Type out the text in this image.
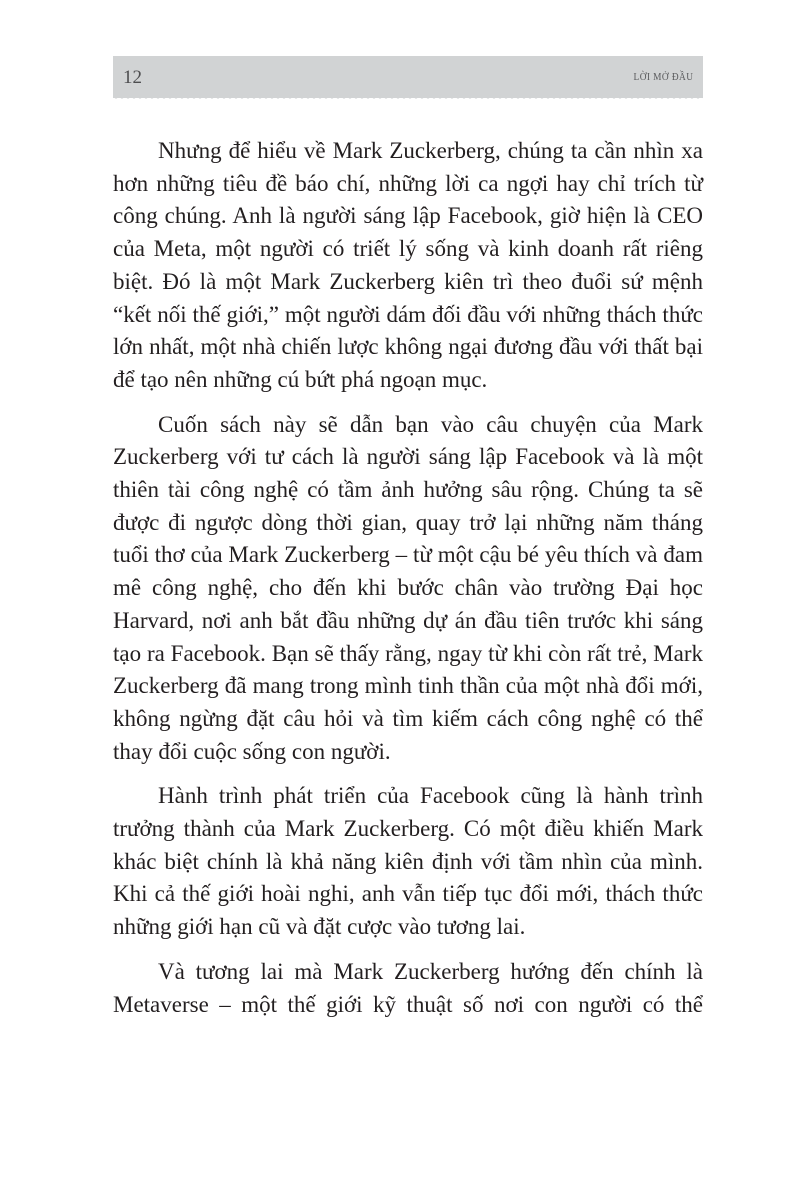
12	LỜI MỞ ĐẦU

Nhưng để hiểu về Mark Zuckerberg, chúng ta cần nhìn xa hơn những tiêu đề báo chí, những lời ca ngợi hay chỉ trích từ công chúng. Anh là người sáng lập Facebook, giờ hiện là CEO của Meta, một người có triết lý sống và kinh doanh rất riêng biệt. Đó là một Mark Zuckerberg kiên trì theo đuổi sứ mệnh “kết nối thế giới,” một người dám đối đầu với những thách thức lớn nhất, một nhà chiến lược không ngại đương đầu với thất bại để tạo nên những cú bứt phá ngoạn mục.

Cuốn sách này sẽ dẫn bạn vào câu chuyện của Mark Zuckerberg với tư cách là người sáng lập Facebook và là một thiên tài công nghệ có tầm ảnh hưởng sâu rộng. Chúng ta sẽ được đi ngược dòng thời gian, quay trở lại những năm tháng tuổi thơ của Mark Zuckerberg – từ một cậu bé yêu thích và đam mê công nghệ, cho đến khi bước chân vào trường Đại học Harvard, nơi anh bắt đầu những dự án đầu tiên trước khi sáng tạo ra Facebook. Bạn sẽ thấy rằng, ngay từ khi còn rất trẻ, Mark Zuckerberg đã mang trong mình tinh thần của một nhà đổi mới, không ngừng đặt câu hỏi và tìm kiếm cách công nghệ có thể thay đổi cuộc sống con người.

Hành trình phát triển của Facebook cũng là hành trình trưởng thành của Mark Zuckerberg. Có một điều khiến Mark khác biệt chính là khả năng kiên định với tầm nhìn của mình. Khi cả thế giới hoài nghi, anh vẫn tiếp tục đổi mới, thách thức những giới hạn cũ và đặt cược vào tương lai.

Và tương lai mà Mark Zuckerberg hướng đến chính là Metaverse – một thế giới kỹ thuật số nơi con người có thể
